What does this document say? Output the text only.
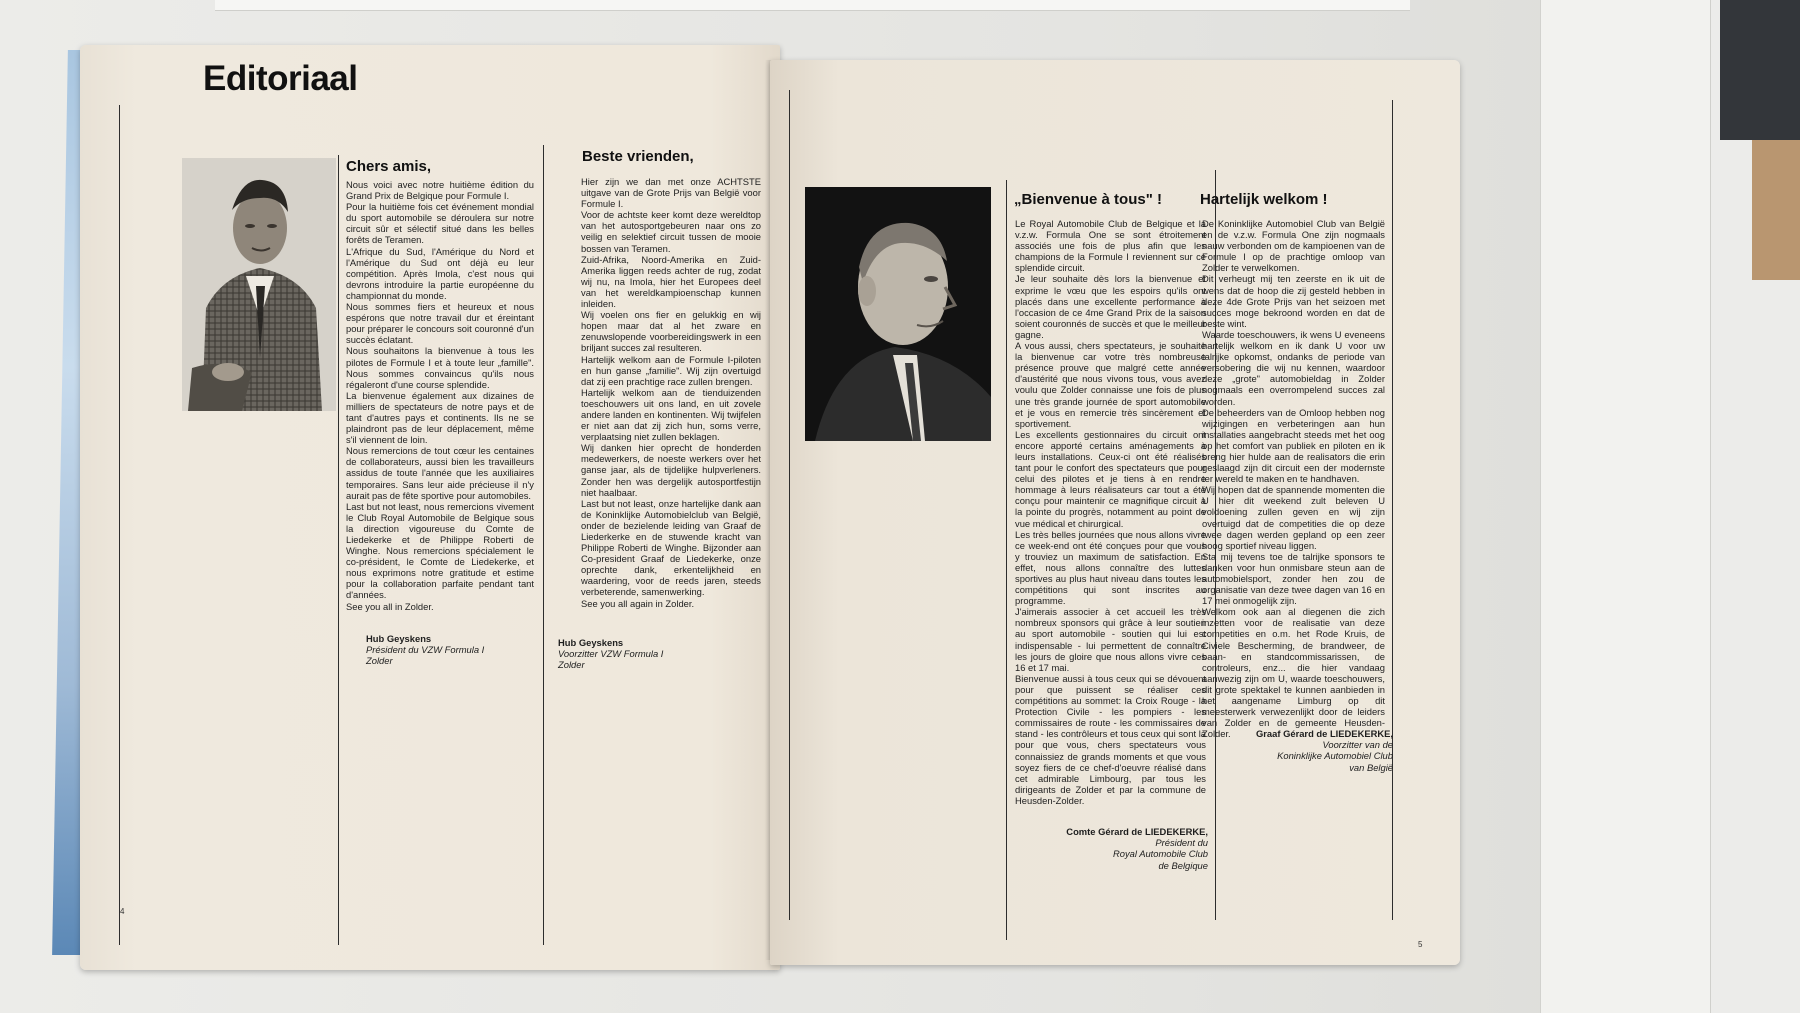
Editoriaal
Chers amis,

Nous voici avec notre huitième édition du Grand Prix de Belgique pour Formule I.

Pour la huitième fois cet événement mondial du sport automobile se déroulera sur notre circuit sûr et sélectif situé dans les belles forêts de Teramen.

L'Afrique du Sud, l'Amérique du Nord et l'Amérique du Sud ont déjà eu leur compétition. Après Imola, c'est nous qui devrons introduire la partie européenne du championnat du monde.

Nous sommes fiers et heureux et nous espérons que notre travail dur et éreintant pour préparer le concours soit couronné d'un succès éclatant.

Nous souhaitons la bienvenue à tous les pilotes de Formule I et à toute leur „famille". Nous sommes convaincus qu'ils nous régaleront d'une course splendide.

La bienvenue également aux dizaines de milliers de spectateurs de notre pays et de tant d'autres pays et continents. Ils ne se plaindront pas de leur déplacement, même s'il viennent de loin.

Nous remercions de tout cœur les centaines de collaborateurs, aussi bien les travailleurs assidus de toute l'année que les auxiliaires temporaires. Sans leur aide précieuse il n'y aurait pas de fête sportive pour automobiles.

Last but not least, nous remercions vivement le Club Royal Automobile de Belgique sous la direction vigoureuse du Comte de Liedekerke et de Philippe Roberti de Winghe. Nous remercions spécialement le co-président, le Comte de Liedekerke, et nous exprimons notre gratitude et estime pour la collaboration parfaite pendant tant d'années.

See you all in Zolder.

Hub Geyskens
Président du VZW Formula I
Zolder
Beste vrienden,

Hier zijn we dan met onze ACHTSTE uitgave van de Grote Prijs van België voor Formule I.

Voor de achtste keer komt deze wereldtop van het autosportgebeuren naar ons zo veilig en selektief circuit tussen de mooie bossen van Teramen.

Zuid-Afrika, Noord-Amerika en Zuid-Amerika liggen reeds achter de rug, zodat wij nu, na Imola, hier het Europees deel van het wereldkampioenschap kunnen inleiden.

Wij voelen ons fier en gelukkig en wij hopen maar dat al het zware en zenuwslopende voorbereidingswerk in een briljant succes zal resulteren.

Hartelijk welkom aan de Formule I-piloten en hun ganse „familie". Wij zijn overtuigd dat zij een prachtige race zullen brengen.

Hartelijk welkom aan de tienduizenden toeschouwers uit ons land, en uit zovele andere landen en kontinenten. Wij twijfelen er niet aan dat zij zich hun, soms verre, verplaatsing niet zullen beklagen.

Wij danken hier oprecht de honderden medewerkers, de noeste werkers over het ganse jaar, als de tijdelijke hulpverleners. Zonder hen was dergelijk autosportfestijn niet haalbaar.

Last but not least, onze hartelijke dank aan de Koninklijke Automobielclub van België, onder de bezielende leiding van Graaf de Liederkerke en de stuwende kracht van Philippe Roberti de Winghe. Bijzonder aan Co-president Graaf de Liedekerke, onze oprechte dank, erkentelijkheid en waardering, voor de reeds jaren, steeds verbeterende, samenwerking.

See you all again in Zolder.

Hub Geyskens
Voorzitter VZW Formula I
Zolder
4
„Bienvenue à tous" !

Le Royal Automobile Club de Belgique et la v.z.w. Formula One se sont étroitement associés une fois de plus afin que les champions de la Formule I reviennent sur ce splendide circuit.

Je leur souhaite dès lors la bienvenue et exprime le vœu que les espoirs qu'ils ont placés dans une excellente performance à l'occasion de ce 4me Grand Prix de la saison soient couronnés de succès et que le meilleur gagne.

A vous aussi, chers spectateurs, je souhaite la bienvenue car votre très nombreuse présence prouve que malgré cette année d'austérité que nous vivons tous, vous avez voulu que Zolder connaisse une fois de plus une très grande journée de sport automobile et je vous en remercie très sincèrement et sportivement.

Les excellents gestionnaires du circuit ont encore apporté certains aménagements à leurs installations. Ceux-ci ont été réalisés tant pour le confort des spectateurs que pour celui des pilotes et je tiens à en rendre hommage à leurs réalisateurs car tout a été conçu pour maintenir ce magnifique circuit à la pointe du progrès, notamment au point de vue médical et chirurgical.

Les très belles journées que nous allons vivre ce week-end ont été conçues pour que vous y trouviez un maximum de satisfaction. En effet, nous allons connaître des luttes sportives au plus haut niveau dans toutes les compétitions qui sont inscrites au programme.

J'aimerais associer à cet accueil les très nombreux sponsors qui grâce à leur soutien au sport automobile - soutien qui lui est indispensable - lui permettent de connaître les jours de gloire que nous allons vivre ces 16 et 17 mai.

Bienvenue aussi à tous ceux qui se dévouent pour que puissent se réaliser ces compétitions au sommet: la Croix Rouge - la Protection Civile - les pompiers - les commissaires de route - les commissaires de stand - les contrôleurs et tous ceux qui sont là pour que vous, chers spectateurs vous connaissiez de grands moments et que vous soyez fiers de ce chef-d'oeuvre réalisé dans cet admirable Limbourg, par tous les dirigeants de Zolder et par la commune de Heusden-Zolder.

Comte Gérard de LIEDEKERKE,
Président du
Royal Automobile Club
de Belgique
Hartelijk welkom !

De Koninklijke Automobiel Club van België en de v.z.w. Formula One zijn nogmaals nauw verbonden om de kampioenen van de Formule I op de prachtige omloop van Zolder te verwelkomen.

Dit verheugt mij ten zeerste en ik uit de wens dat de hoop die zij gesteld hebben in deze 4de Grote Prijs van het seizoen met succes moge bekroond worden en dat de beste wint.

Waarde toeschouwers, ik wens U eveneens hartelijk welkom en ik dank U voor uw talrijke opkomst, ondanks de periode van versobering die wij nu kennen, waardoor deze „grote" automobieldag in Zolder nogmaals een overrompelend succes zal worden.

De beheerders van de Omloop hebben nog wijzigingen en verbeteringen aan hun installaties aangebracht steeds met het oog op het comfort van publiek en piloten en ik breng hier hulde aan de realisators die erin geslaagd zijn dit circuit een der modernste ter wereld te maken en te handhaven.

Wij hopen dat de spannende momenten die U hier dit weekend zult beleven U voldoening zullen geven en wij zijn overtuigd dat de competities die op deze twee dagen werden gepland op een zeer hoog sportief niveau liggen.

Sta mij tevens toe de talrijke sponsors te danken voor hun onmisbare steun aan de automobielsport, zonder hen zou de organisatie van deze twee dagen van 16 en 17 mei onmogelijk zijn.

Welkom ook aan al diegenen die zich inzetten voor de realisatie van deze competities en o.m. het Rode Kruis, de Civiele Bescherming, de brandweer, de baan- en standcommissarissen, de controleurs, enz... die hier vandaag aanwezig zijn om U, waarde toeschouwers, dit grote spektakel te kunnen aanbieden in het aangename Limburg op dit meesterwerk verwezenlijkt door de leiders van Zolder en de gemeente Heusden-Zolder.	Graaf Gérard de LIEDEKERKE,
Voorzitter van de
Koninklijke Automobiel Club
van België
5
